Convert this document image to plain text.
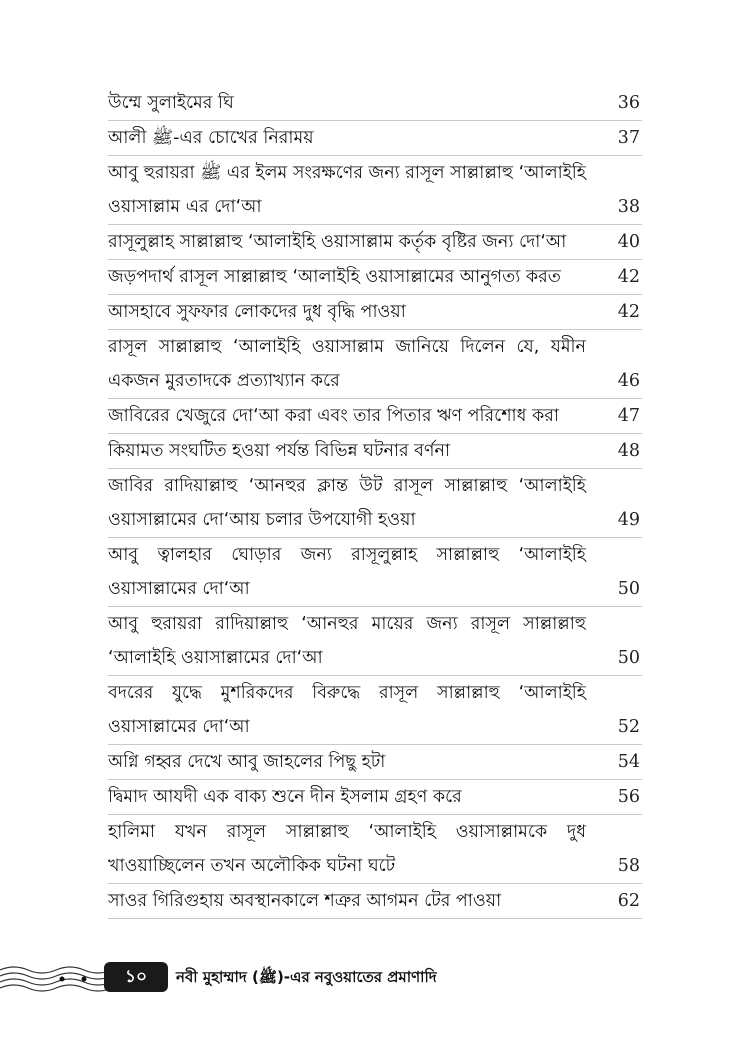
উম্মে সুলাইমের ঘি	36
আলী ﷺ-এর চোখের নিরাময়	37
আবু হুরায়রা ﷺ এর ইলম সংরক্ষণের জন্য রাসূল সাল্লাল্লাহু ‘আলাইহি ওয়াসাল্লাম এর দো‘আ	38
রাসূলুল্লাহ সাল্লাল্লাহু ‘আলাইহি ওয়াসাল্লাম কর্তৃক বৃষ্টির জন্য দো‘আ	40
জড়পদার্থ রাসূল সাল্লাল্লাহু ‘আলাইহি ওয়াসাল্লামের আনুগত্য করত	42
আসহাবে সুফফার লোকদের দুধ বৃদ্ধি পাওয়া	42
রাসূল সাল্লাল্লাহু ‘আলাইহি ওয়াসাল্লাম জানিয়ে দিলেন যে, যমীন একজন মুরতাদকে প্রত্যাখ্যান করে	46
জাবিরের খেজুরে দো‘আ করা এবং তার পিতার ঋণ পরিশোধ করা	47
কিয়ামত সংঘটিত হওয়া পর্যন্ত বিভিন্ন ঘটনার বর্ণনা	48
জাবির রাদিয়াল্লাহু ‘আনহুর ক্লান্ত উট রাসূল সাল্লাল্লাহু ‘আলাইহি ওয়াসাল্লামের দো‘আয় চলার উপযোগী হওয়া	49
আবু ত্বালহার ঘোড়ার জন্য রাসূলুল্লাহ সাল্লাল্লাহু ‘আলাইহি ওয়াসাল্লামের দো‘আ	50
আবু হুরায়রা রাদিয়াল্লাহু ‘আনহুর মায়ের জন্য রাসূল সাল্লাল্লাহু ‘আলাইহি ওয়াসাল্লামের দো‘আ	50
বদরের যুদ্ধে মুশরিকদের বিরুদ্ধে রাসূল সাল্লাল্লাহু ‘আলাইহি ওয়াসাল্লামের দো‘আ	52
অগ্নি গহ্বর দেখে আবু জাহলের পিছু হটা	54
দ্বিমাদ আযদী এক বাক্য শুনে দীন ইসলাম গ্রহণ করে	56
হালিমা যখন রাসূল সাল্লাল্লাহু ‘আলাইহি ওয়াসাল্লামকে দুধ খাওয়াচ্ছিলেন তখন অলৌকিক ঘটনা ঘটে	58
সাওর গিরিগুহায় অবস্থানকালে শত্রুর আগমন টের পাওয়া	62
১০	নবী মুহাম্মাদ (ﷺ)-এর নবুওয়াতের প্রমাণাদি
